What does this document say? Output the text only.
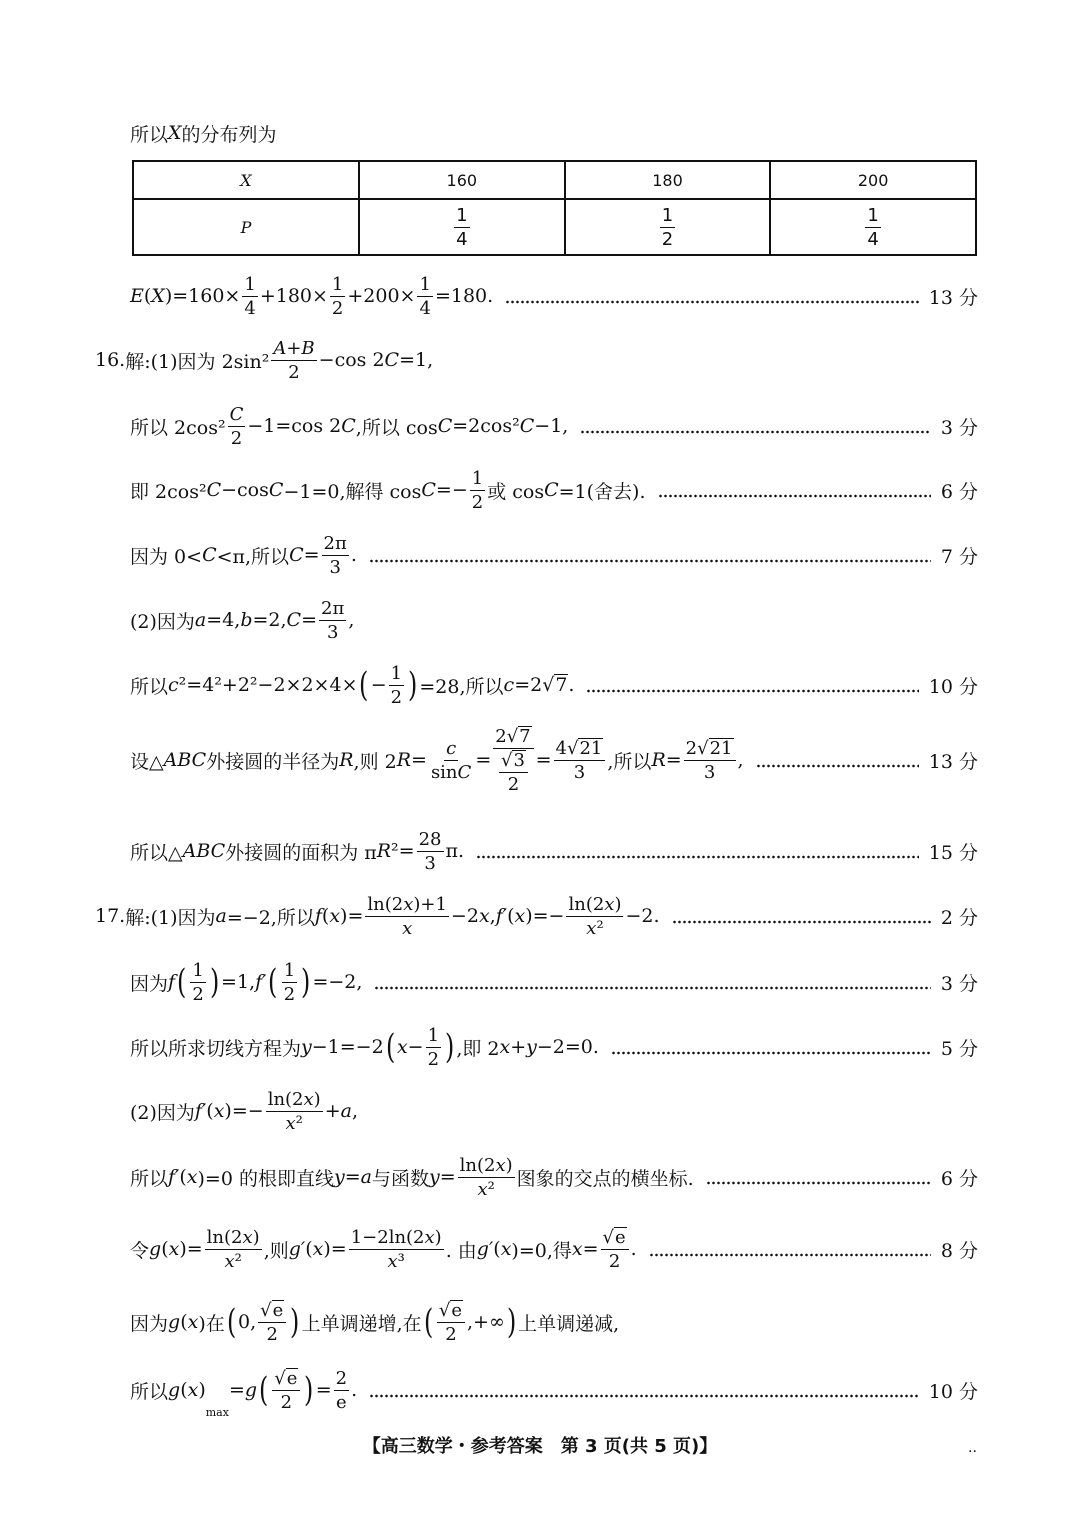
所以 X 的分布列为
X	160	180	200
P	$\frac{1}{4}$	$\frac{1}{2}$	$\frac{1}{4}$
E ( X )$=160\times \frac{1}{4} +180\times \frac{1}{2} +200\times \frac{1}{4} =180$.	13 分
16. 解:(1)因为 $2\sin^2 \frac{A+B}{2} -\cos$ 2 C =1,
所以 $2\cos^2 \frac{C}{2} -1=\cos$ 2 C ,所以 cos C =2cos² C −1,	3 分
即 2cos² C −cos C −1=0,解得 $\cos C =- \frac{1}{2}$ 或 cos C =1(舍去).	6 分
因为 0< C <π,所以 $C = \frac{2\pi}{3}$ .	7 分
(2)因为 a =4, b =2, $C = \frac{2\pi}{3}$ ,
所以 c ²=4²+2²−2×2×4× ( − $\frac{1}{2}$ ) =28,所以 c =2 √ 7 .	10 分
设△ ABC 外接圆的半径为 R ,则 2 $R = \frac{c}{\text{sin C}} = \frac{2 √ 7}{\frac{√ 3}{2}} = \frac{4 √ 21}{3}$ ,所以 $R = \frac{2 √ 21}{3}$ ,	13 分
所以△ ABC 外接圆的面积为 π R $^2= \frac{28}{3} \pi$.	15 分
17. 解:(1)因为 a =−2,所以 f ( x )= $\frac{\ln(2 x )+1}{x} -2$ x , f′ ( x )=− $\frac{\ln(2 x )}{\text{x ²}} -2$.	2 分
因为 f ( $\frac{1}{2}$ ) =1, f′ ( $\frac{1}{2}$ ) =−2,	3 分
所以所求切线方程为 y −1=−2 ( $x - \frac{1}{2}$ ) ,即 2 x + y −2=0.	5 分
(2)因为 f′ ( x )=− $\frac{\ln(2 x )}{\text{x ²}} + a$ ,
所以 f′ ( x )=0 的根即直线 y = a 与函数 $y = \frac{\ln(2 x )}{\text{x ²}}$ 图象的交点的横坐标.	6 分
令 g ( x )= $\frac{\ln(2 x )}{\text{x ²}}$ ,则 g′ ( x )= $\frac{1-2\ln(2 x )}{\text{x ³}}$ . 由 g′ ( x )=0,得 $x = \frac{√ e}{2}$ .	8 分
因为 g ( x )在 ( 0, $\frac{√ e}{2}$ ) 上单调递增,在 ( $\frac{√ e}{2}$ ,+∞ ) 上单调递减,
所以 g ( x )
max
= g ( $\frac{√ e}{2}$ ) = $\frac{2}{e}$ .	10 分
【高三数学・参考答案　第 3 页(共 5 页)】	..
